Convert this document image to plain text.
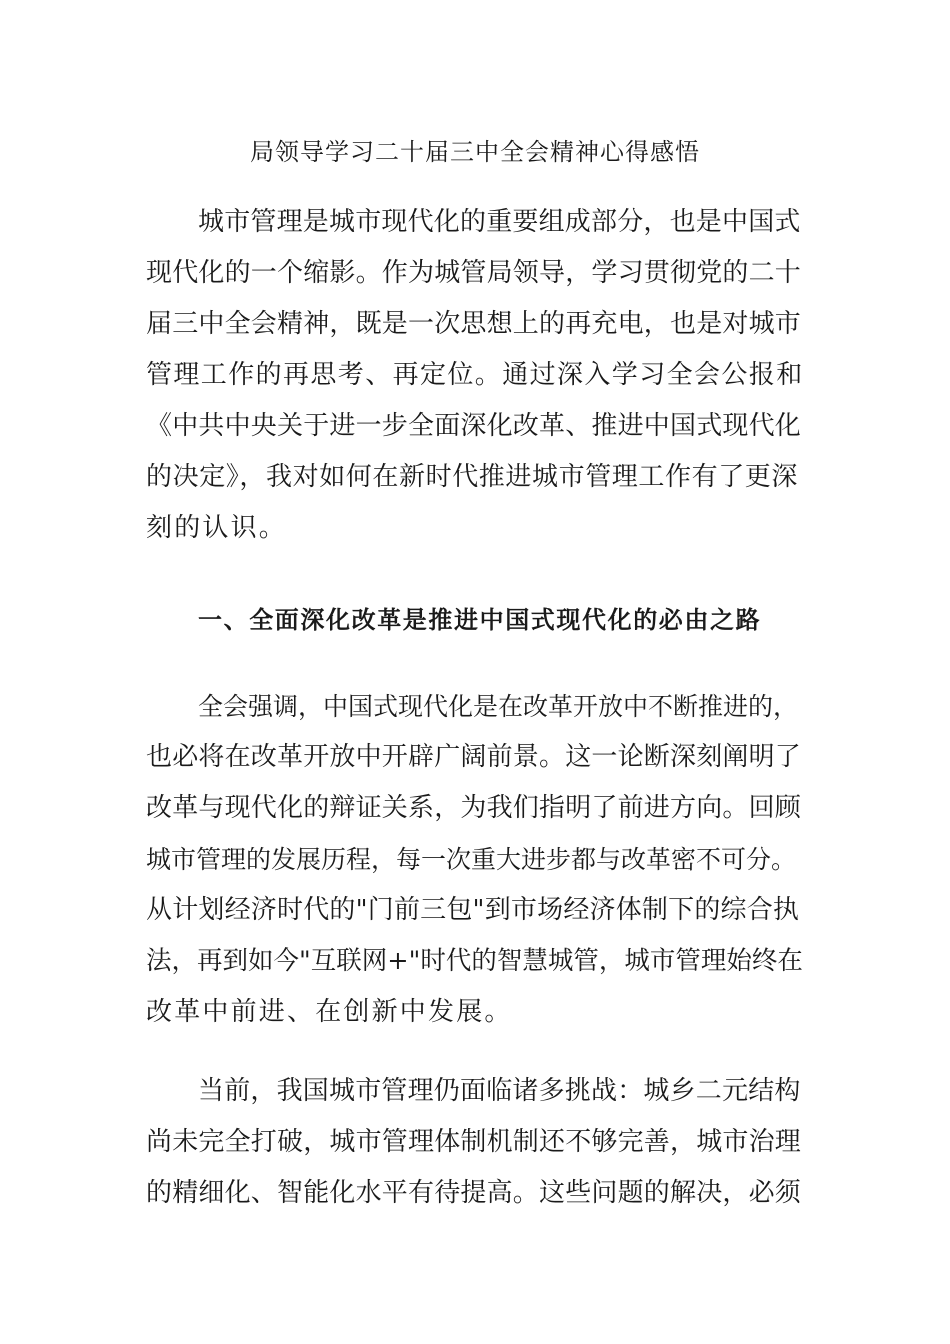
局领导学习二十届三中全会精神心得感悟
城市管理是城市现代化的重要组成部分，也是中国式
现代化的一个缩影。作为城管局领导，学习贯彻党的二十
届三中全会精神，既是一次思想上的再充电，也是对城市
管理工作的再思考、再定位。通过深入学习全会公报和
《中共中央关于进一步全面深化改革、推进中国式现代化
的决定》，我对如何在新时代推进城市管理工作有了更深
刻的认识。
一、全面深化改革是推进中国式现代化的必由之路
全会强调，中国式现代化是在改革开放中不断推进的，
也必将在改革开放中开辟广阔前景。这一论断深刻阐明了
改革与现代化的辩证关系，为我们指明了前进方向。回顾
城市管理的发展历程，每一次重大进步都与改革密不可分。
从计划经济时代的"门前三包"到市场经济体制下的综合执
法，再到如今"互联网+"时代的智慧城管，城市管理始终在
改革中前进、在创新中发展。
当前，我国城市管理仍面临诸多挑战：城乡二元结构
尚未完全打破，城市管理体制机制还不够完善，城市治理
的精细化、智能化水平有待提高。这些问题的解决，必须
